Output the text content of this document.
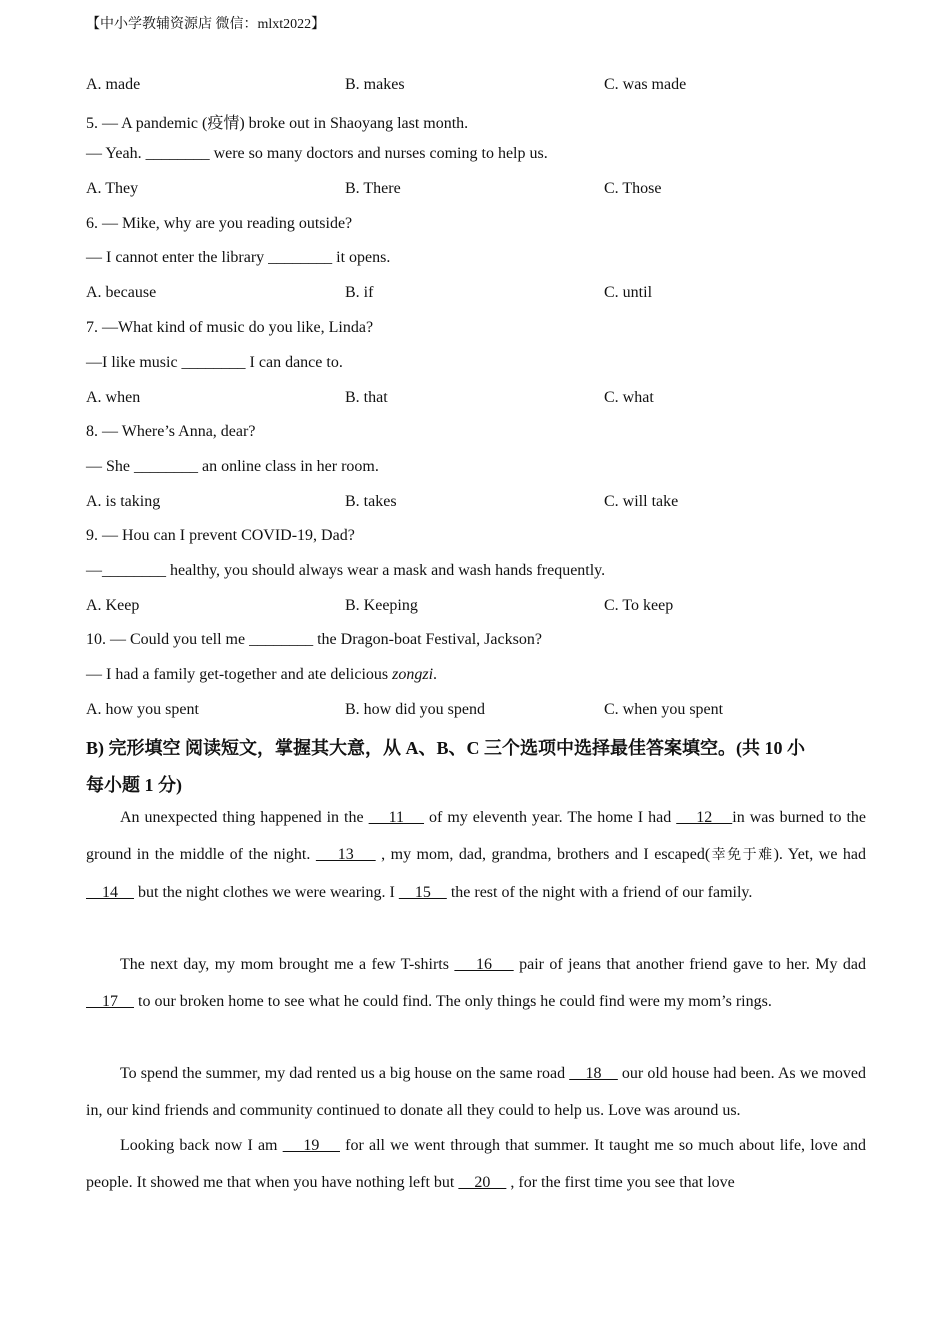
【中小学教辅资源店 微信：mlxt2022】
A. made	B. makes	C. was made
5. — A pandemic (疫情) broke out in Shaoyang last month.
— Yeah. ________ were so many doctors and nurses coming to help us.
A. They	B. There	C. Those
6. — Mike, why are you reading outside?
— I cannot enter the library ________ it opens.
A. because	B. if	C. until
7. —What kind of music do you like, Linda?
—I like music ________ I can dance to.
A. when	B. that	C. what
8. — Where’s Anna, dear?
— She ________ an online class in her room.
A. is taking	B. takes	C. will take
9. — Hou can I prevent COVID-19, Dad?
—________ healthy, you should always wear a mask and wash hands frequently.
A. Keep	B. Keeping	C. To keep
10. — Could you tell me ________ the Dragon-boat Festival, Jackson?
— I had a family get-together and ate delicious zongzi.
A. how you spent	B. how did you spend	C. when you spent
B) 完形填空 阅读短文，掌握其大意，从 A、B、C 三个选项中选择最佳答案填空。(共 10 小
每小题 1 分)
An unexpected thing happened in the     11     of my eleventh year. The home I had     12    in was burned to the ground in the middle of the night.     13     , my mom, dad, grandma, brothers and I escaped(幸免于难). Yet, we had     14     but the night clothes we were wearing. I     15     the rest of the night with a friend of our family.
The next day, my mom brought me a few T-shirts     16     pair of jeans that another friend gave to her. My dad     17     to our broken home to see what he could find. The only things he could find were my mom’s rings.
To spend the summer, my dad rented us a big house on the same road     18     our old house had been. As we moved in, our kind friends and community continued to donate all they could to help us. Love was around us.
Looking back now I am     19     for all we went through that summer. It taught me so much about life, love and people. It showed me that when you have nothing left but     20     , for the first time you see that love
